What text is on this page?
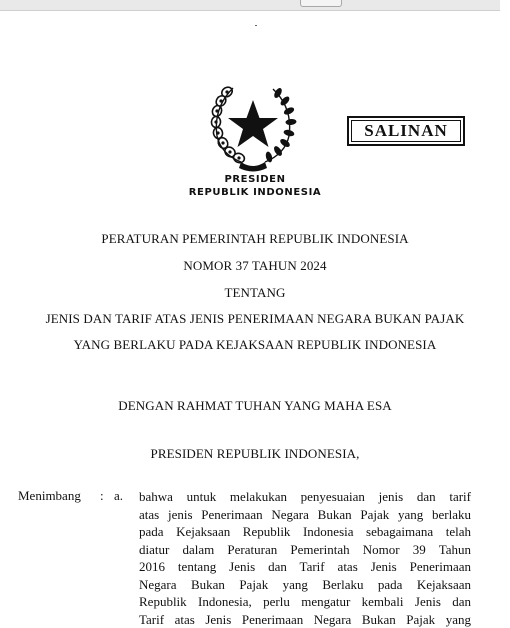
SALINAN
PRESIDEN
REPUBLIK INDONESIA
PERATURAN PEMERINTAH REPUBLIK INDONESIA
NOMOR 37 TAHUN 2024
TENTANG
JENIS DAN TARIF ATAS JENIS PENERIMAAN NEGARA BUKAN PAJAK
YANG BERLAKU PADA KEJAKSAAN REPUBLIK INDONESIA
DENGAN RAHMAT TUHAN YANG MAHA ESA
PRESIDEN REPUBLIK INDONESIA,
Menimbang : a. bahwa untuk melakukan penyesuaian jenis dan tarif
atas jenis Penerimaan Negara Bukan Pajak yang berlaku
pada Kejaksaan Republik Indonesia sebagaimana telah
diatur dalam Peraturan Pemerintah Nomor 39 Tahun
2016 tentang Jenis dan Tarif atas Jenis Penerimaan
Negara Bukan Pajak yang Berlaku pada Kejaksaan
Republik Indonesia, perlu mengatur kembali Jenis dan
Tarif atas Jenis Penerimaan Negara Bukan Pajak yang
